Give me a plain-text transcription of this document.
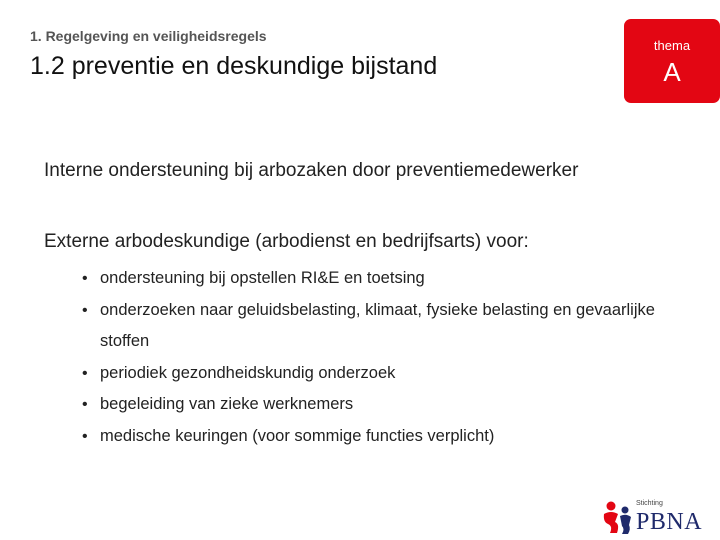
1. Regelgeving en veiligheidsregels
1.2 preventie en deskundige bijstand
thema
A

Interne ondersteuning bij arbozaken door preventiemedewerker

Externe arbodeskundige (arbodienst en bedrijfsarts) voor:

• ondersteuning bij opstellen RI&E en toetsing
• onderzoeken naar geluidsbelasting, klimaat, fysieke belasting en gevaarlijke stoffen
• periodiek gezondheidskundig onderzoek
• begeleiding van zieke werknemers
• medische keuringen (voor sommige functies verplicht)
Stichting
PBNA
